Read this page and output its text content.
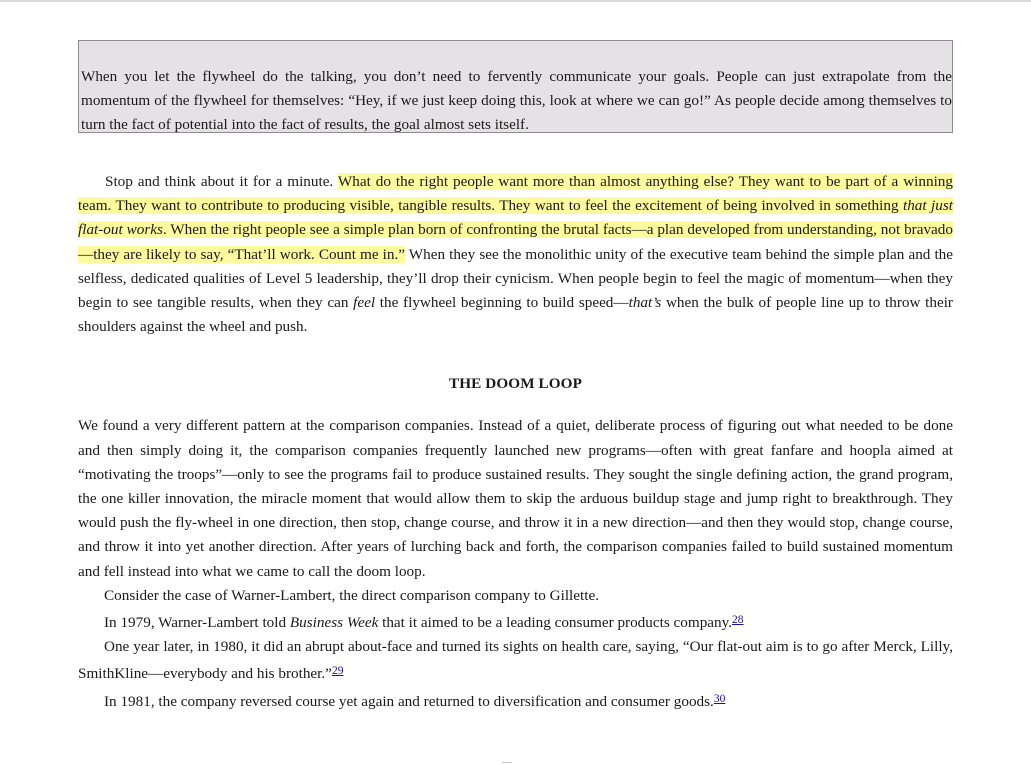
When you let the flywheel do the talking, you don’t need to fervently communicate your goals. People can just extrapolate from the momentum of the flywheel for themselves: “Hey, if we just keep doing this, look at where we can go!” As people decide among themselves to turn the fact of potential into the fact of results, the goal almost sets itself.

Stop and think about it for a minute. What do the right people want more than almost anything else? They want to be part of a winning team. They want to contribute to producing visible, tangible results. They want to feel the excitement of being involved in something that just flat-out works. When the right people see a simple plan born of confronting the brutal facts—a plan developed from understanding, not bravado—they are likely to say, “That’ll work. Count me in.” When they see the monolithic unity of the executive team behind the simple plan and the selfless, dedicated qualities of Level 5 leadership, they’ll drop their cynicism. When people begin to feel the magic of momentum—when they begin to see tangible results, when they can feel the flywheel beginning to build speed—that’s when the bulk of people line up to throw their shoulders against the wheel and push.

THE DOOM LOOP

We found a very different pattern at the comparison companies. Instead of a quiet, deliberate process of figuring out what needed to be done and then simply doing it, the comparison companies frequently launched new programs—often with great fanfare and hoopla aimed at “motivating the troops”—only to see the programs fail to produce sustained results. They sought the single defining action, the grand program, the one killer innovation, the miracle moment that would allow them to skip the arduous buildup stage and jump right to breakthrough. They would push the fly-wheel in one direction, then stop, change course, and throw it in a new direction—and then they would stop, change course, and throw it into yet another direction. After years of lurching back and forth, the comparison companies failed to build sustained momentum and fell instead into what we came to call the doom loop.

Consider the case of Warner-Lambert, the direct comparison company to Gillette.

In 1979, Warner-Lambert told Business Week that it aimed to be a leading consumer products company.$^{28}$

One year later, in 1980, it did an abrupt about-face and turned its sights on health care, saying, “Our flat-out aim is to go after Merck, Lilly, SmithKline—everybody and his brother.”$^{29}$

In 1981, the company reversed course yet again and returned to diversification and consumer goods.$^{30}$
